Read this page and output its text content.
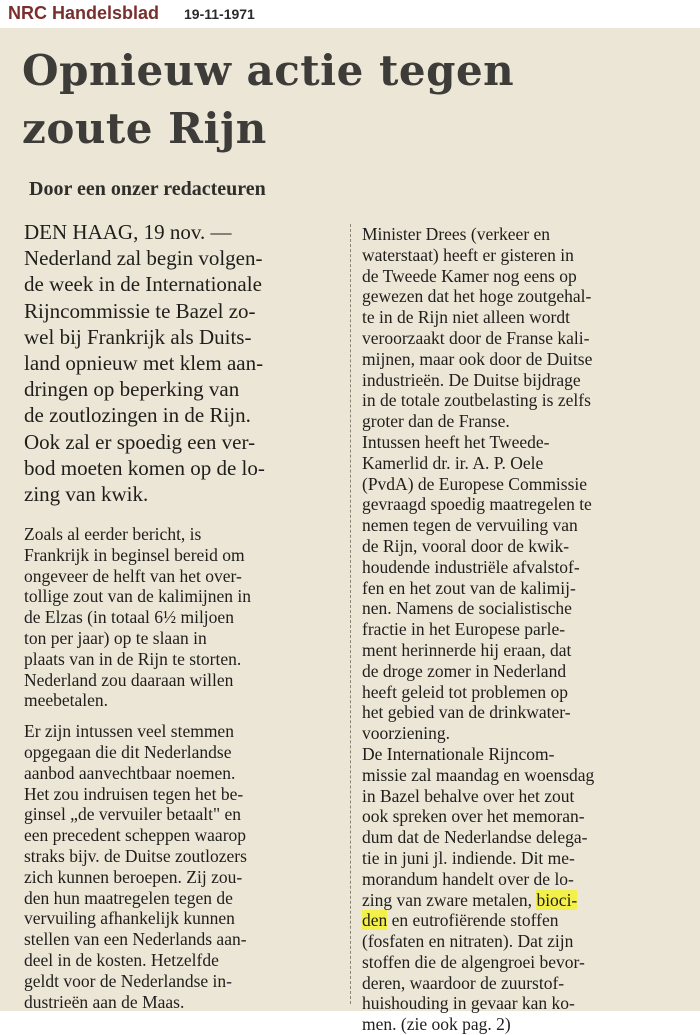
NRC Handelsblad 19-11-1971
Opnieuw actie tegen
zoute Rijn
Door een onzer redacteuren
DEN HAAG, 19 nov. —
Nederland zal begin volgen-
de week in de Internationale
Rijncommissie te Bazel zo-
wel bij Frankrijk als Duits-
land opnieuw met klem aan-
dringen op beperking van
de zoutlozingen in de Rijn.
Ook zal er spoedig een ver-
bod moeten komen op de lo-
zing van kwik.
Zoals al eerder bericht, is
Frankrijk in beginsel bereid om
ongeveer de helft van het over-
tollige zout van de kalimijnen in
de Elzas (in totaal 6½ miljoen
ton per jaar) op te slaan in
plaats van in de Rijn te storten.
Nederland zou daaraan willen
meebetalen.
Er zijn intussen veel stemmen
opgegaan die dit Nederlandse
aanbod aanvechtbaar noemen.
Het zou indruisen tegen het be-
ginsel „de vervuiler betaalt" en
een precedent scheppen waarop
straks bijv. de Duitse zoutlozers
zich kunnen beroepen. Zij zou-
den hun maatregelen tegen de
vervuiling afhankelijk kunnen
stellen van een Nederlands aan-
deel in de kosten. Hetzelfde
geldt voor de Nederlandse in-
dustrieën aan de Maas.
Minister Drees (verkeer en
waterstaat) heeft er gisteren in
de Tweede Kamer nog eens op
gewezen dat het hoge zoutgehal-
te in de Rijn niet alleen wordt
veroorzaakt door de Franse kali-
mijnen, maar ook door de Duitse
industrieën. De Duitse bijdrage
in de totale zoutbelasting is zelfs
groter dan de Franse.
Intussen heeft het Tweede-
Kamerlid dr. ir. A. P. Oele
(PvdA) de Europese Commissie
gevraagd spoedig maatregelen te
nemen tegen de vervuiling van
de Rijn, vooral door de kwik-
houdende industriële afvalstof-
fen en het zout van de kalimij-
nen. Namens de socialistische
fractie in het Europese parle-
ment herinnerde hij eraan, dat
de droge zomer in Nederland
heeft geleid tot problemen op
het gebied van de drinkwater-
voorziening.
De Internationale Rijncom-
missie zal maandag en woensdag
in Bazel behalve over het zout
ook spreken over het memoran-
dum dat de Nederlandse delega-
tie in juni jl. indiende. Dit me-
morandum handelt over de lo-
zing van zware metalen, bioci-
den en eutrofiërende stoffen
(fosfaten en nitraten). Dat zijn
stoffen die de algengroei bevor-
deren, waardoor de zuurstof-
huishouding in gevaar kan ko-
men. (zie ook pag. 2)
